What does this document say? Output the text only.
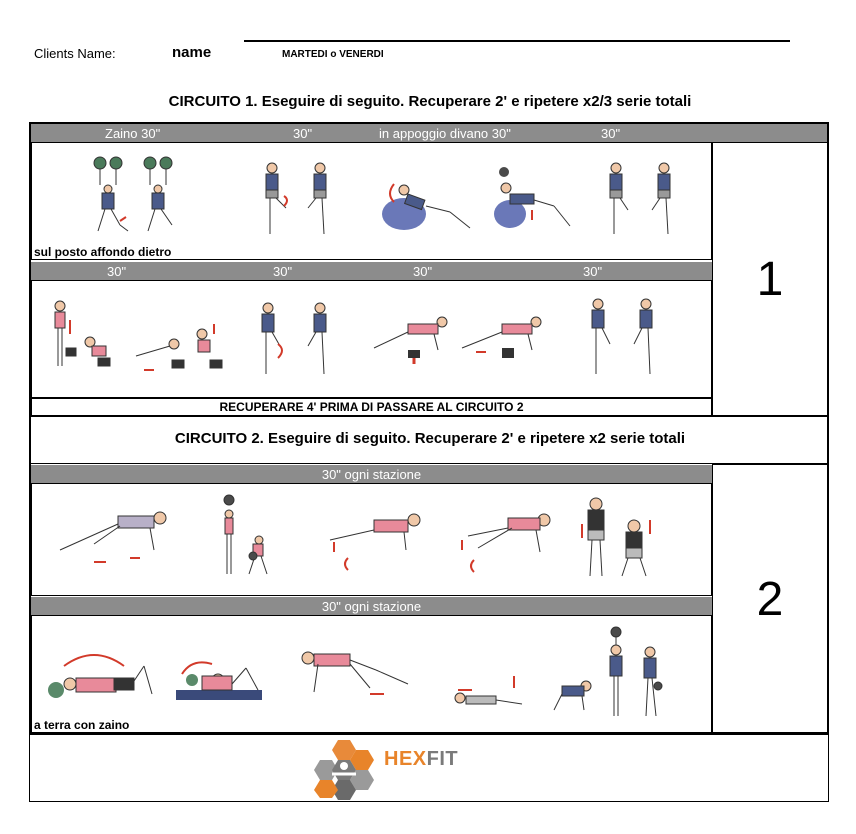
Clients Name:	name	MARTEDI o VENERDI
CIRCUITO 1. Eseguire di seguito. Recuperare 2' e ripetere x2/3 serie totali
Zaino 30"	30"	in appoggio divano 30"	30"
sul posto affondo dietro
30"	30"	30"	30"
RECUPERARE 4' PRIMA DI PASSARE AL CIRCUITO 2
1
CIRCUITO 2. Eseguire di seguito. Recuperare 2' e ripetere x2 serie totali
30" ogni stazione
30" ogni stazione
a terra con zaino
2
HEXFIT
